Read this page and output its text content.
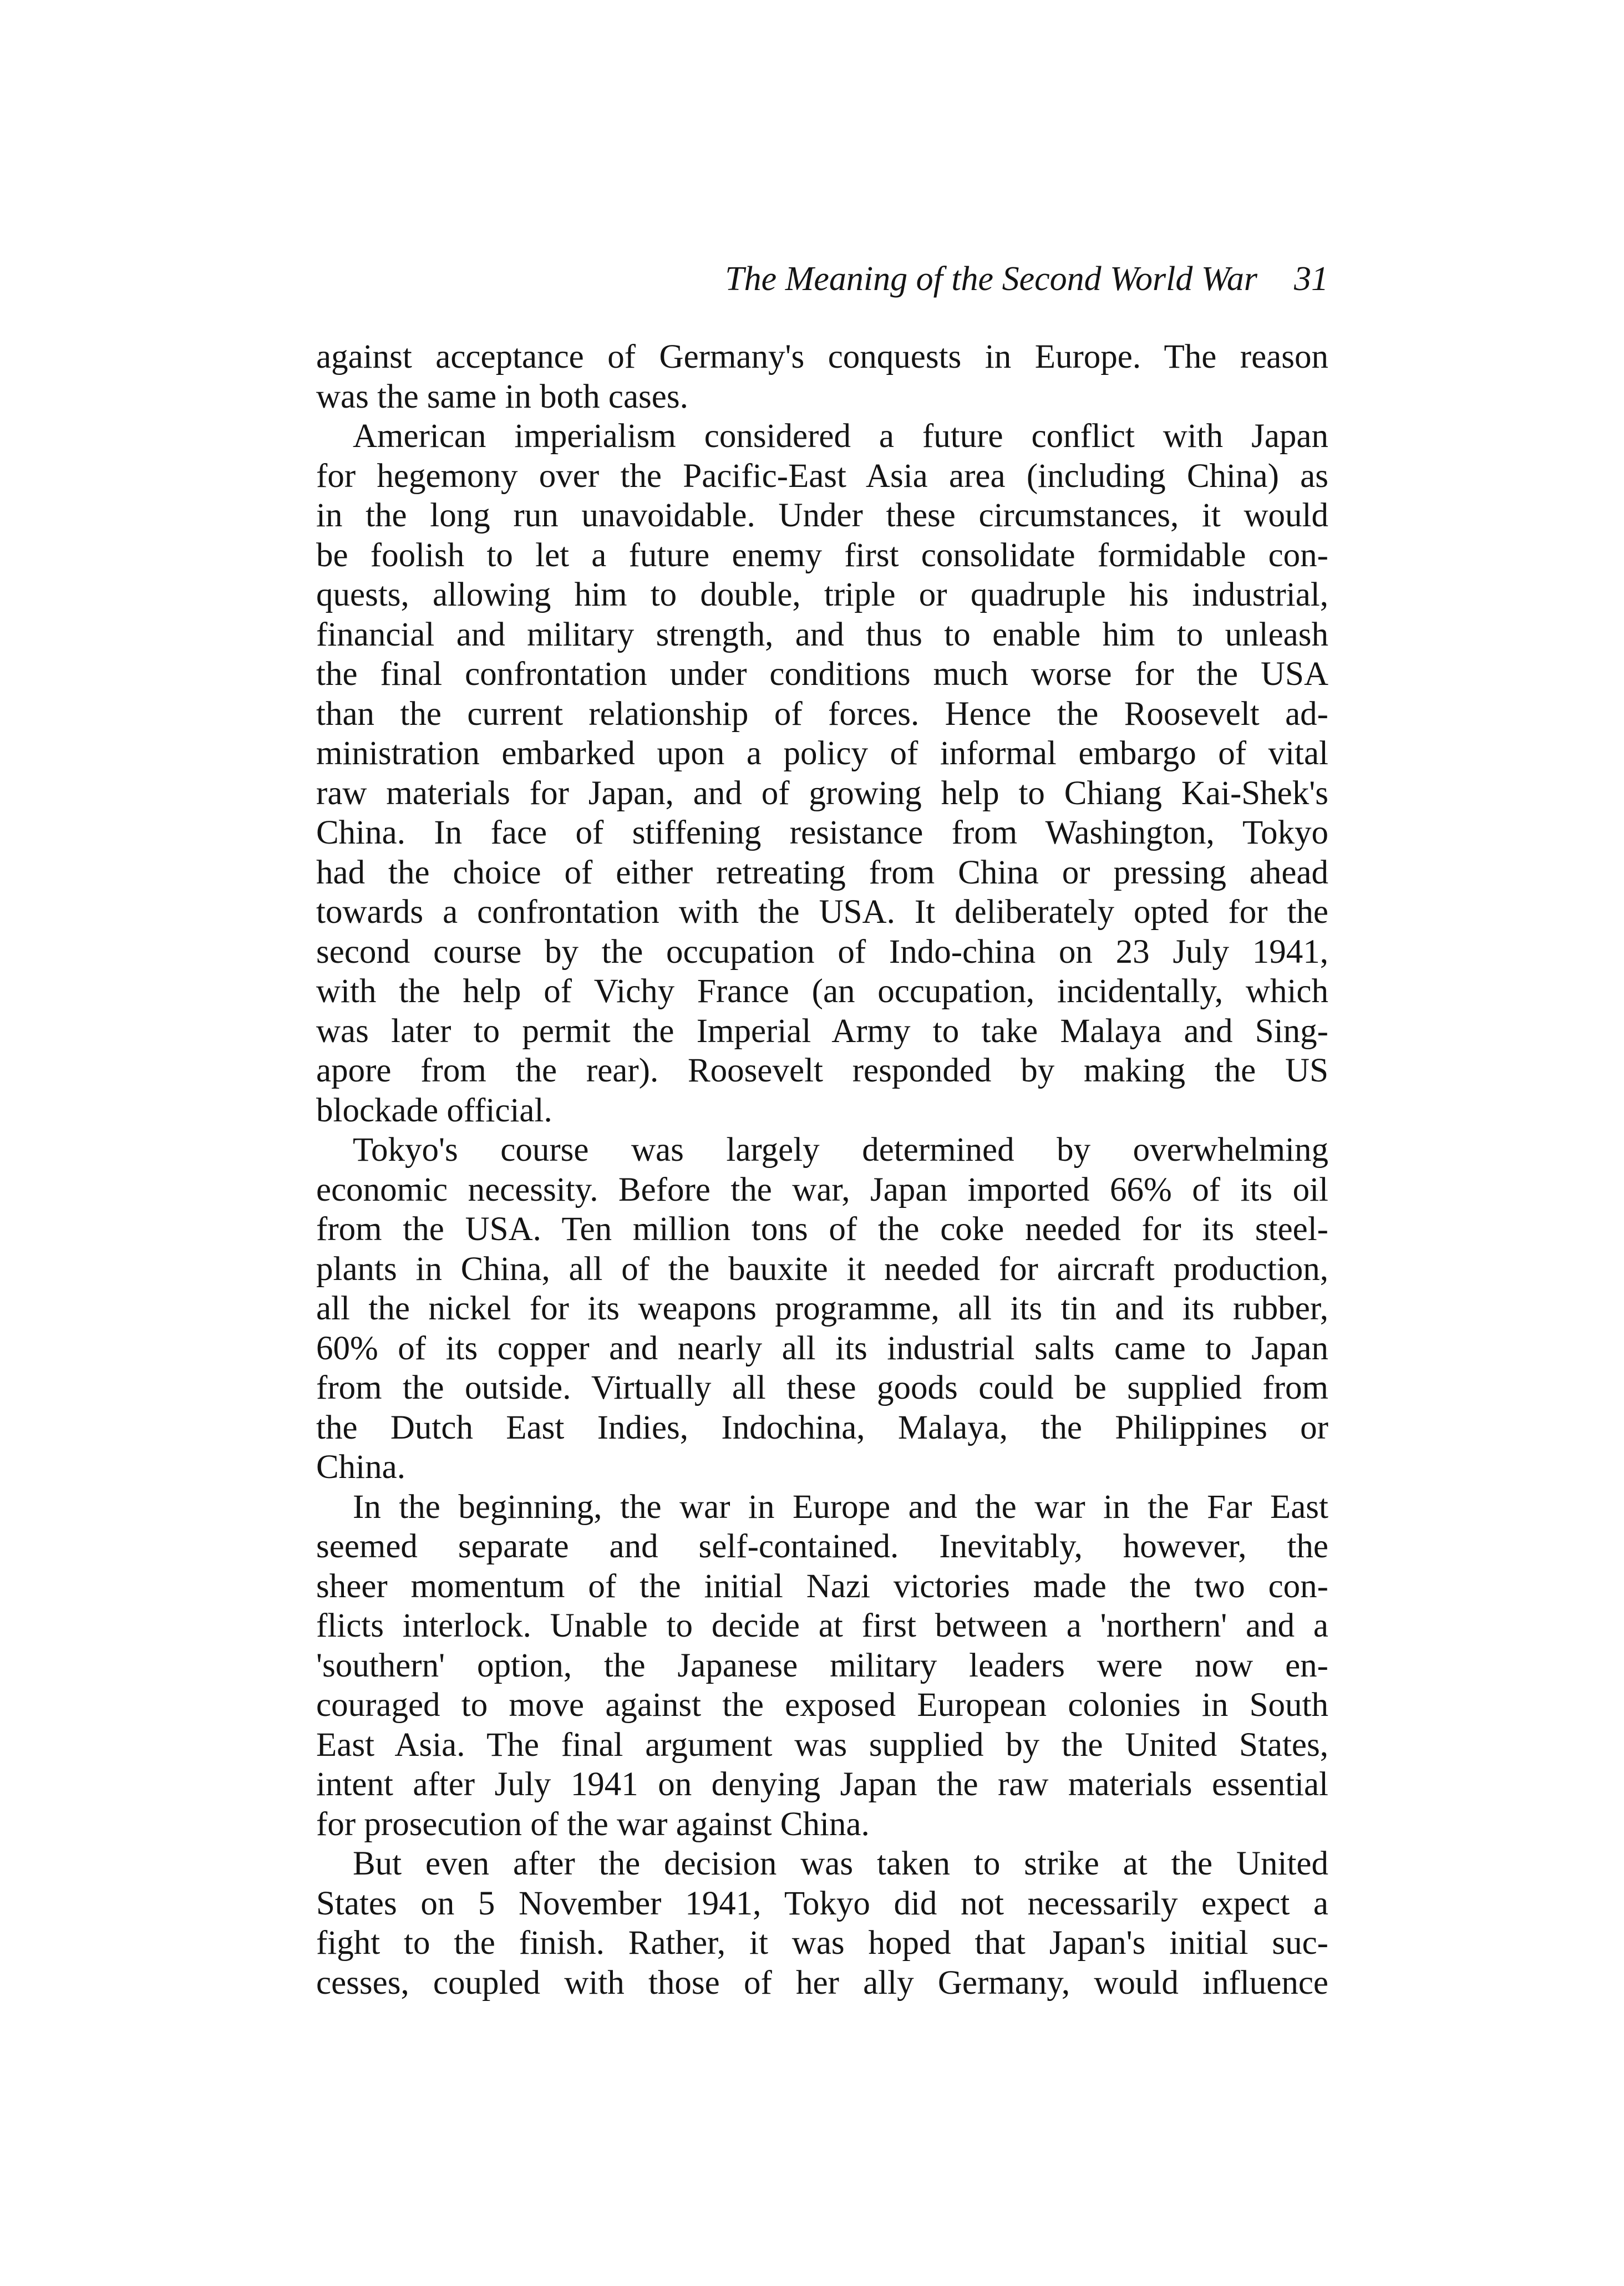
The Meaning of the Second World War 31
against acceptance of Germany's conquests in Europe. The reason
was the same in both cases.
American imperialism considered a future conflict with Japan
for hegemony over the Pacific-East Asia area (including China) as
in the long run unavoidable. Under these circumstances, it would
be foolish to let a future enemy first consolidate formidable con-
quests, allowing him to double, triple or quadruple his industrial,
financial and military strength, and thus to enable him to unleash
the final confrontation under conditions much worse for the USA
than the current relationship of forces. Hence the Roosevelt ad-
ministration embarked upon a policy of informal embargo of vital
raw materials for Japan, and of growing help to Chiang Kai-Shek's
China. In face of stiffening resistance from Washington, Tokyo
had the choice of either retreating from China or pressing ahead
towards a confrontation with the USA. It deliberately opted for the
second course by the occupation of Indo-china on 23 July 1941,
with the help of Vichy France (an occupation, incidentally, which
was later to permit the Imperial Army to take Malaya and Sing-
apore from the rear). Roosevelt responded by making the US
blockade official.
Tokyo's course was largely determined by overwhelming
economic necessity. Before the war, Japan imported 66% of its oil
from the USA. Ten million tons of the coke needed for its steel-
plants in China, all of the bauxite it needed for aircraft production,
all the nickel for its weapons programme, all its tin and its rubber,
60% of its copper and nearly all its industrial salts came to Japan
from the outside. Virtually all these goods could be supplied from
the Dutch East Indies, Indochina, Malaya, the Philippines or
China.
In the beginning, the war in Europe and the war in the Far East
seemed separate and self-contained. Inevitably, however, the
sheer momentum of the initial Nazi victories made the two con-
flicts interlock. Unable to decide at first between a 'northern' and a
'southern' option, the Japanese military leaders were now en-
couraged to move against the exposed European colonies in South
East Asia. The final argument was supplied by the United States,
intent after July 1941 on denying Japan the raw materials essential
for prosecution of the war against China.
But even after the decision was taken to strike at the United
States on 5 November 1941, Tokyo did not necessarily expect a
fight to the finish. Rather, it was hoped that Japan's initial suc-
cesses, coupled with those of her ally Germany, would influence
